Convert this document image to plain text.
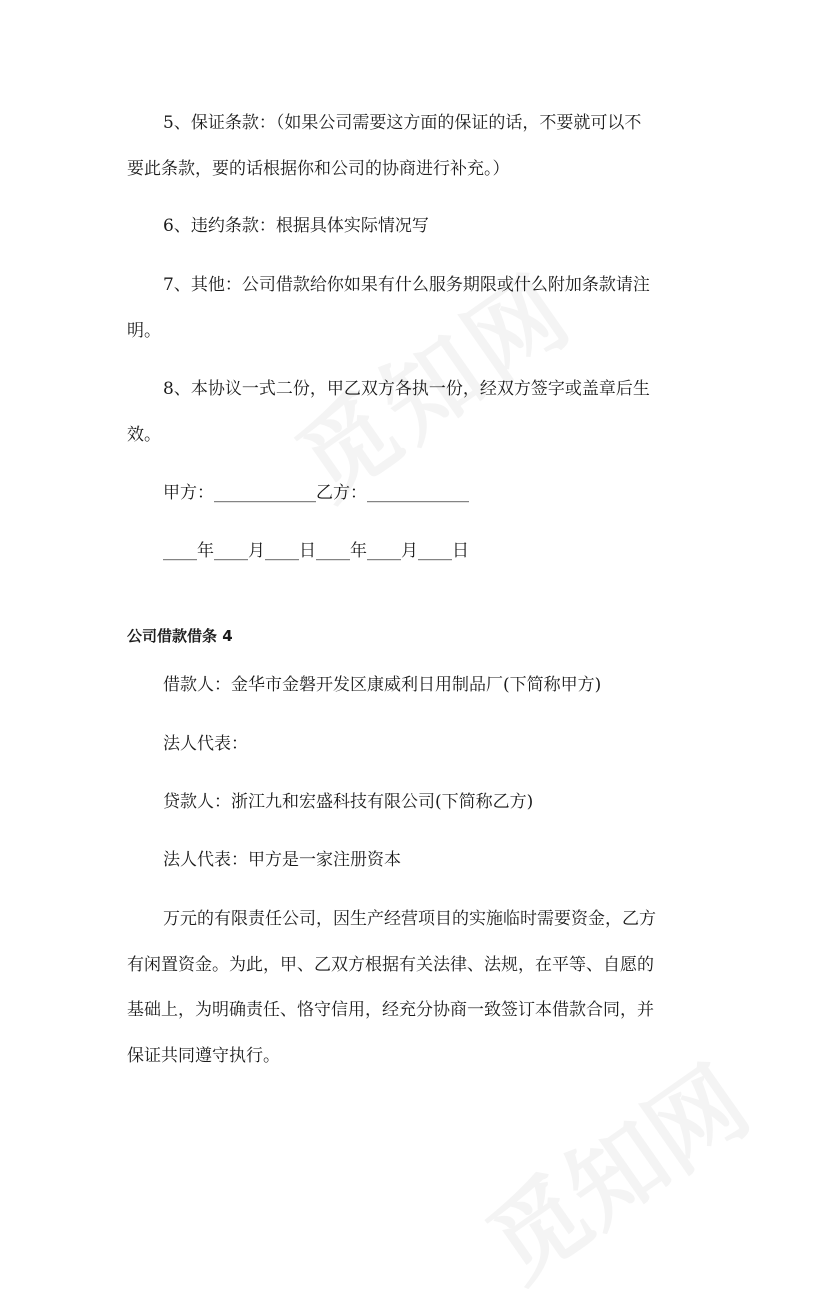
5、保证条款：（如果公司需要这方面的保证的话，不要就可以不
要此条款，要的话根据你和公司的协商进行补充。）
6、违约条款：根据具体实际情况写
7、其他：公司借款给你如果有什么服务期限或什么附加条款请注
明。
8、本协议一式二份，甲乙双方各执一份，经双方签字或盖章后生
效。
甲方：____________乙方：____________
____年____月____日____年____月____日
公司借款借条 4
借款人：金华市金磐开发区康威利日用制品厂(下简称甲方)
法人代表：
贷款人：浙江九和宏盛科技有限公司(下简称乙方)
法人代表：甲方是一家注册资本
万元的有限责任公司，因生产经营项目的实施临时需要资金，乙方
有闲置资金。为此，甲、乙双方根据有关法律、法规，在平等、自愿的
基础上，为明确责任、恪守信用，经充分协商一致签订本借款合同，并
保证共同遵守执行。
